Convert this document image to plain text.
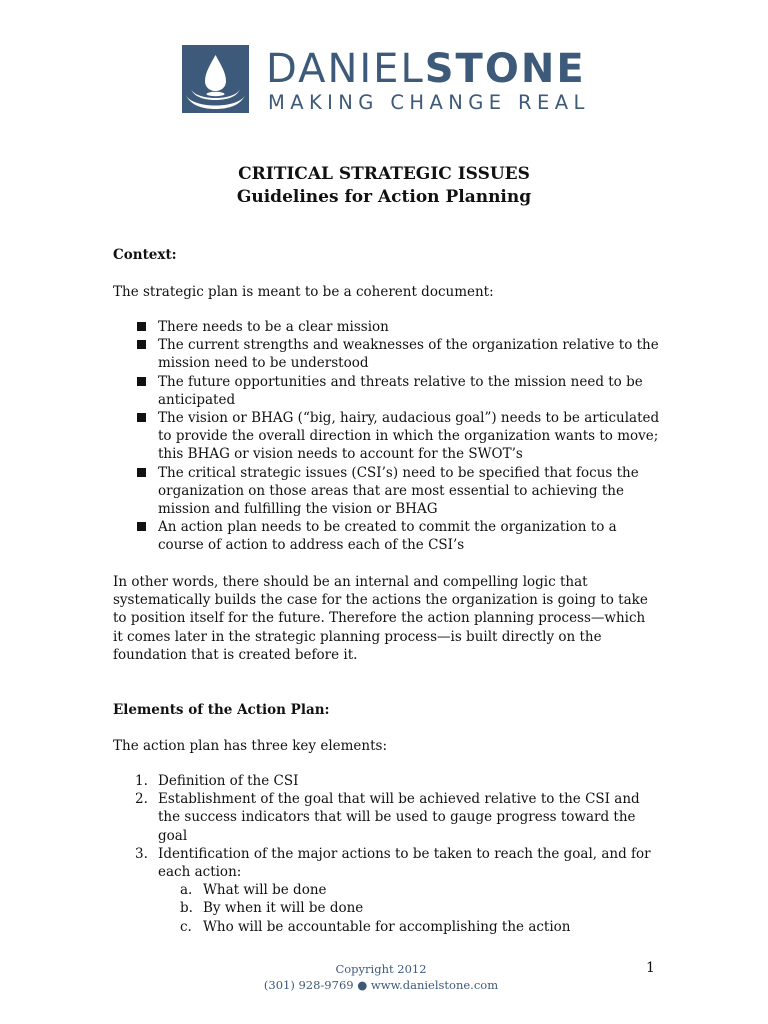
DANIELSTONE
MAKING CHANGE REAL
CRITICAL STRATEGIC ISSUES
Guidelines for Action Planning
Context:
The strategic plan is meant to be a coherent document:
There needs to be a clear mission
The current strengths and weaknesses of the organization relative to the mission need to be understood
The future opportunities and threats relative to the mission need to be anticipated
The vision or BHAG (“big, hairy, audacious goal”) needs to be articulated to provide the overall direction in which the organization wants to move; this BHAG or vision needs to account for the SWOT’s
The critical strategic issues (CSI’s) need to be specified that focus the organization on those areas that are most essential to achieving the mission and fulfilling the vision or BHAG
An action plan needs to be created to commit the organization to a course of action to address each of the CSI’s
In other words, there should be an internal and compelling logic that systematically builds the case for the actions the organization is going to take to position itself for the future. Therefore the action planning process—which it comes later in the strategic planning process—is built directly on the foundation that is created before it.
Elements of the Action Plan:
The action plan has three key elements:
1. Definition of the CSI
2. Establishment of the goal that will be achieved relative to the CSI and the success indicators that will be used to gauge progress toward the goal
3. Identification of the major actions to be taken to reach the goal, and for each action:
a. What will be done
b. By when it will be done
c. Who will be accountable for accomplishing the action
Copyright 2012
(301) 928-9769 ● www.danielstone.com
1
